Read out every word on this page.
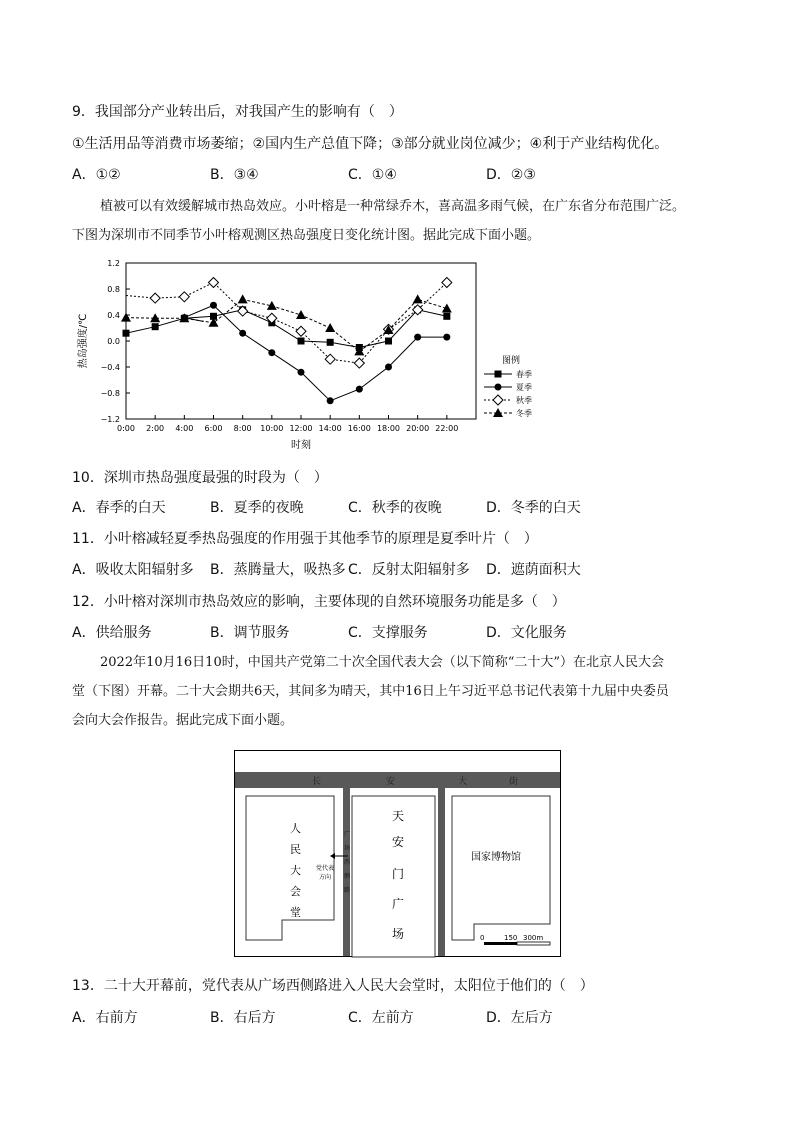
9．我国部分产业转出后，对我国产生的影响有（　）
①生活用品等消费市场萎缩；②国内生产总值下降；③部分就业岗位减少；④利于产业结构优化。
A．①②	B．③④	C．①④	D．②③
植被可以有效缓解城市热岛效应。小叶榕是一种常绿乔木，喜高温多雨气候，在广东省分布范围广泛。
下图为深圳市不同季节小叶榕观测区热岛强度日变化统计图。据此完成下面小题。
1.2
0.8
0.4
0.0
−0.4
−0.8
−1.2
0:00 2:00 4:00 6:00 8:00 10:00 12:00 14:00 16:00 18:00 20:00 22:00
热岛强度/℃
时刻
图例
春季
夏季
秋季
冬季
10．深圳市热岛强度最强的时段为（　）
A．春季的白天	B．夏季的夜晚	C．秋季的夜晚	D．冬季的白天
11．小叶榕减轻夏季热岛强度的作用强于其他季节的原理是夏季叶片（　）
A．吸收太阳辐射多 B．蒸腾量大，吸热多 C．反射太阳辐射多 D．遮荫面积大
12．小叶榕对深圳市热岛效应的影响，主要体现的自然环境服务功能是多（　）
A．供给服务	B．调节服务	C．支撑服务	D．文化服务
2022年10月16日10时，中国共产党第二十次全国代表大会（以下简称“二十大”）在北京人民大会
堂（下图）开幕。二十大会期共6天，其间多为晴天，其中16日上午习近平总书记代表第十九届中央委员
会向大会作报告。据此完成下面小题。
长	安	大	街
广
场
西
侧
路
人
民
大
会
堂
党代表
方向
天
安
门
广
场
国家博物馆
0	150 300m
13．二十大开幕前，党代表从广场西侧路进入人民大会堂时，太阳位于他们的（　）
A．右前方	B．右后方	C．左前方	D．左后方
